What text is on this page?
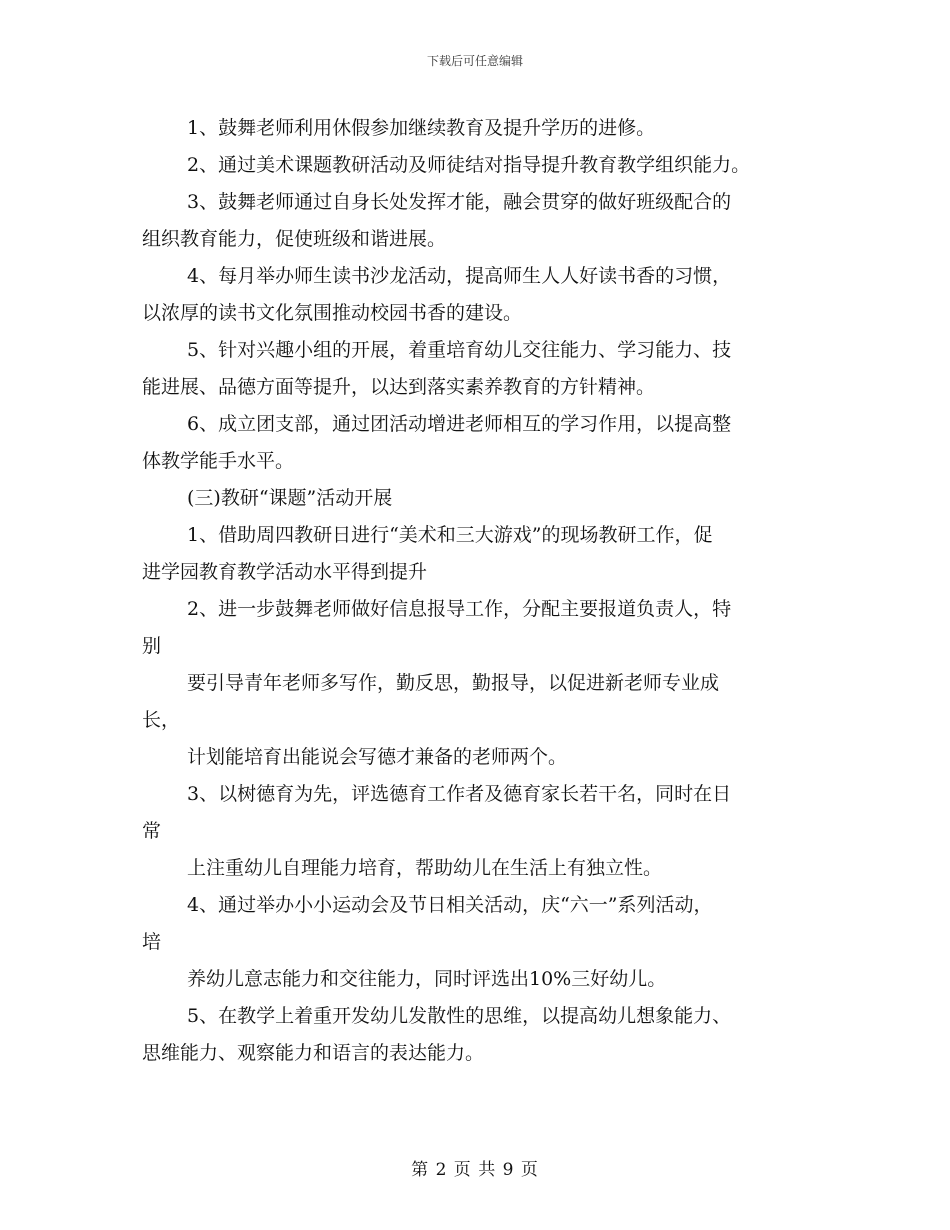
下载后可任意编辑

1、鼓舞老师利用休假参加继续教育及提升学历的进修。

2、通过美术课题教研活动及师徒结对指导提升教育教学组织能力。

3、鼓舞老师通过自身长处发挥才能，融会贯穿的做好班级配合的

组织教育能力，促使班级和谐进展。

4、每月举办师生读书沙龙活动，提高师生人人好读书香的习惯，

以浓厚的读书文化氛围推动校园书香的建设。

5、针对兴趣小组的开展，着重培育幼儿交往能力、学习能力、技

能进展、品德方面等提升，以达到落实素养教育的方针精神。

6、成立团支部，通过团活动增进老师相互的学习作用，以提高整

体教学能手水平。

(三)教研“课题”活动开展

1、借助周四教研日进行“美术和三大游戏”的现场教研工作，促

进学园教育教学活动水平得到提升

2、进一步鼓舞老师做好信息报导工作，分配主要报道负责人，特

别

要引导青年老师多写作，勤反思，勤报导，以促进新老师专业成

长，

计划能培育出能说会写德才兼备的老师两个。

3、以树德育为先，评选德育工作者及德育家长若干名，同时在日

常

上注重幼儿自理能力培育，帮助幼儿在生活上有独立性。

4、通过举办小小运动会及节日相关活动，庆“六一”系列活动，

培

养幼儿意志能力和交往能力，同时评选出10%三好幼儿。

5、在教学上着重开发幼儿发散性的思维，以提高幼儿想象能力、

思维能力、观察能力和语言的表达能力。

第 2 页 共 9 页
